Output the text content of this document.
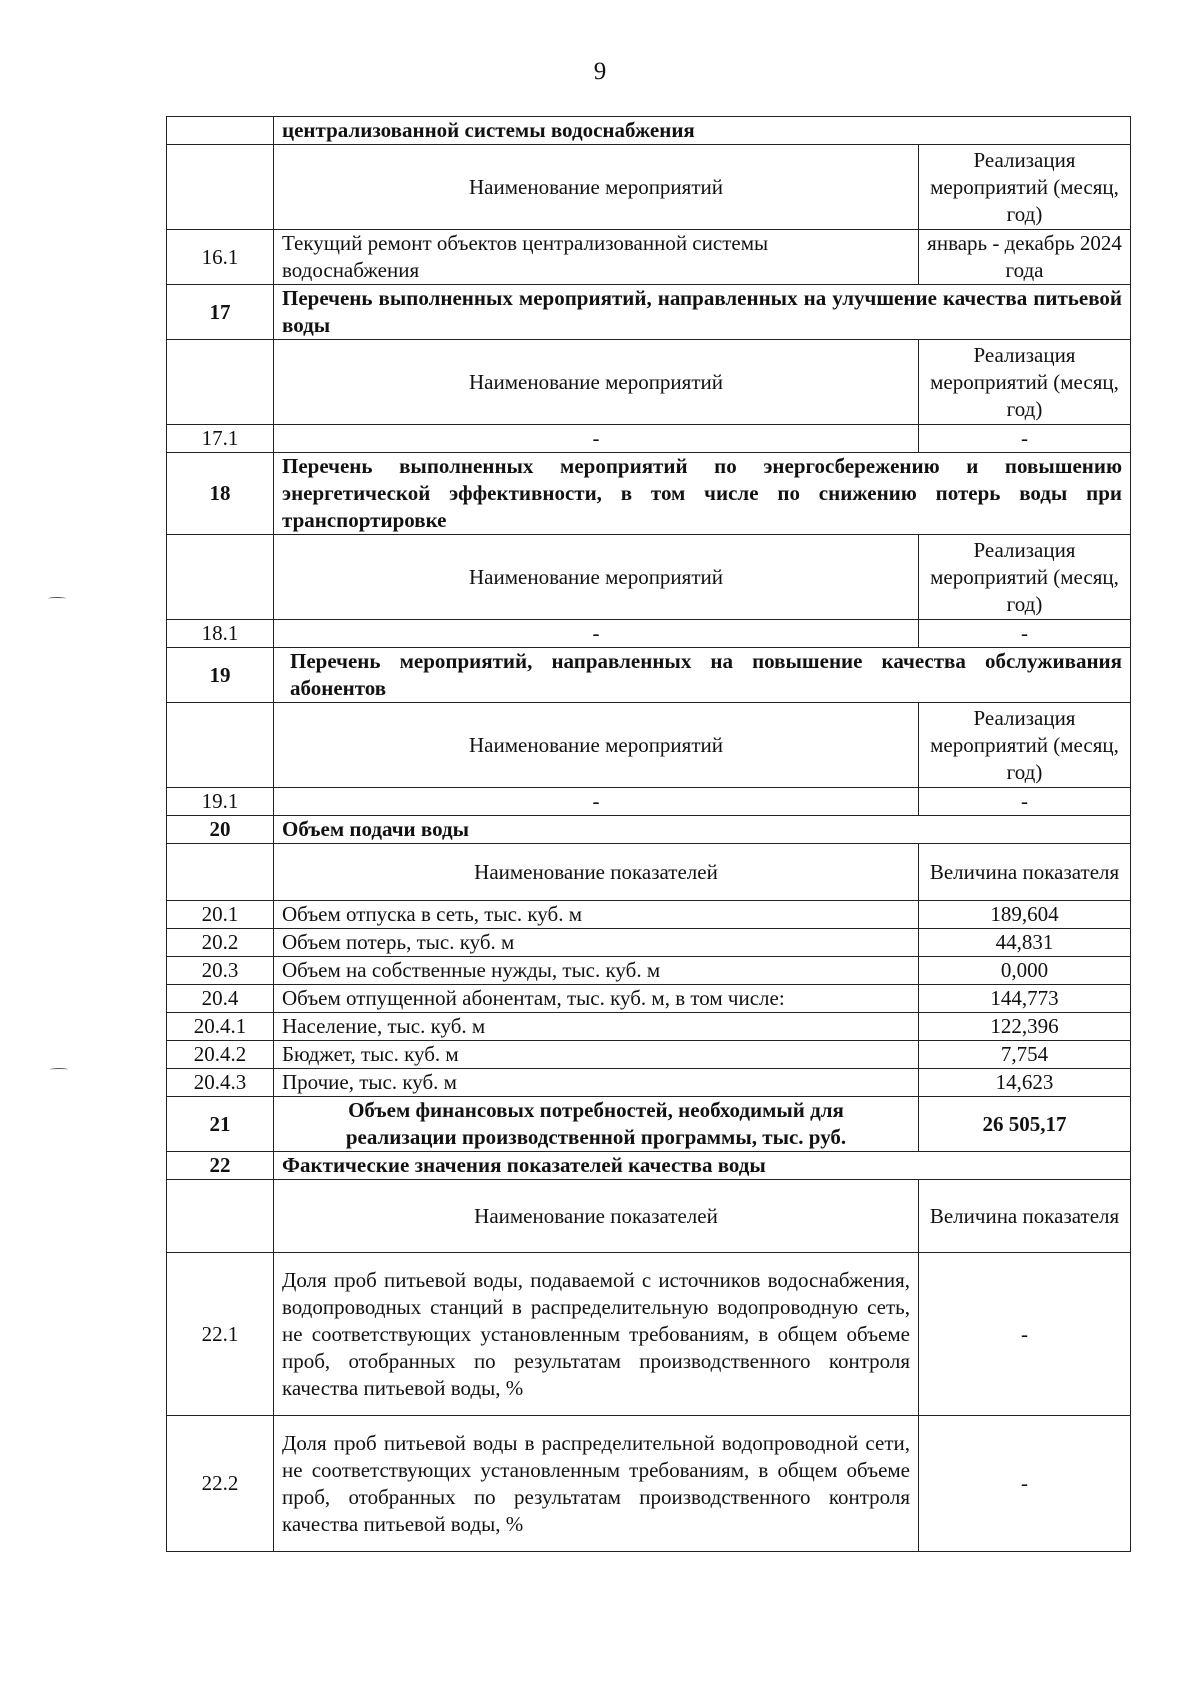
9
	централизованной системы водоснабжения	
	Наименование мероприятий	Реализация мероприятий (месяц, год)
16.1	Текущий ремонт объектов централизованной системы водоснабжения	январь - декабрь 2024 года
17	Перечень выполненных мероприятий, направленных на улучшение качества питьевой воды	
	Наименование мероприятий	Реализация мероприятий (месяц, год)
17.1	-	-
18	Перечень выполненных мероприятий по энергосбережению и повышению энергетической эффективности, в том числе по снижению потерь воды при транспортировке	
	Наименование мероприятий	Реализация мероприятий (месяц, год)
18.1	-	-
19	Перечень мероприятий, направленных на повышение качества обслуживания абонентов	
	Наименование мероприятий	Реализация мероприятий (месяц, год)
19.1	-	-
20	Объем подачи воды	
	Наименование показателей	Величина показателя
20.1	Объем отпуска в сеть, тыс. куб. м	189,604
20.2	Объем потерь, тыс. куб. м	44,831
20.3	Объем на собственные нужды, тыс. куб. м	0,000
20.4	Объем отпущенной абонентам, тыс. куб. м, в том числе:	144,773
20.4.1	Население, тыс. куб. м	122,396
20.4.2	Бюджет, тыс. куб. м	7,754
20.4.3	Прочие, тыс. куб. м	14,623
21	Объем финансовых потребностей, необходимый для реализации производственной программы, тыс. руб.	26 505,17
22	Фактические значения показателей качества воды	
	Наименование показателей	Величина показателя
22.1	Доля проб питьевой воды, подаваемой с источников водоснабжения, водопроводных станций в распределительную водопроводную сеть, не соответствующих установленным требованиям, в общем объеме проб, отобранных по результатам производственного контроля качества питьевой воды, %	-
22.2	Доля проб питьевой воды в распределительной водопроводной сети, не соответствующих установленным требованиям, в общем объеме проб, отобранных по результатам производственного контроля качества питьевой воды, %	-
